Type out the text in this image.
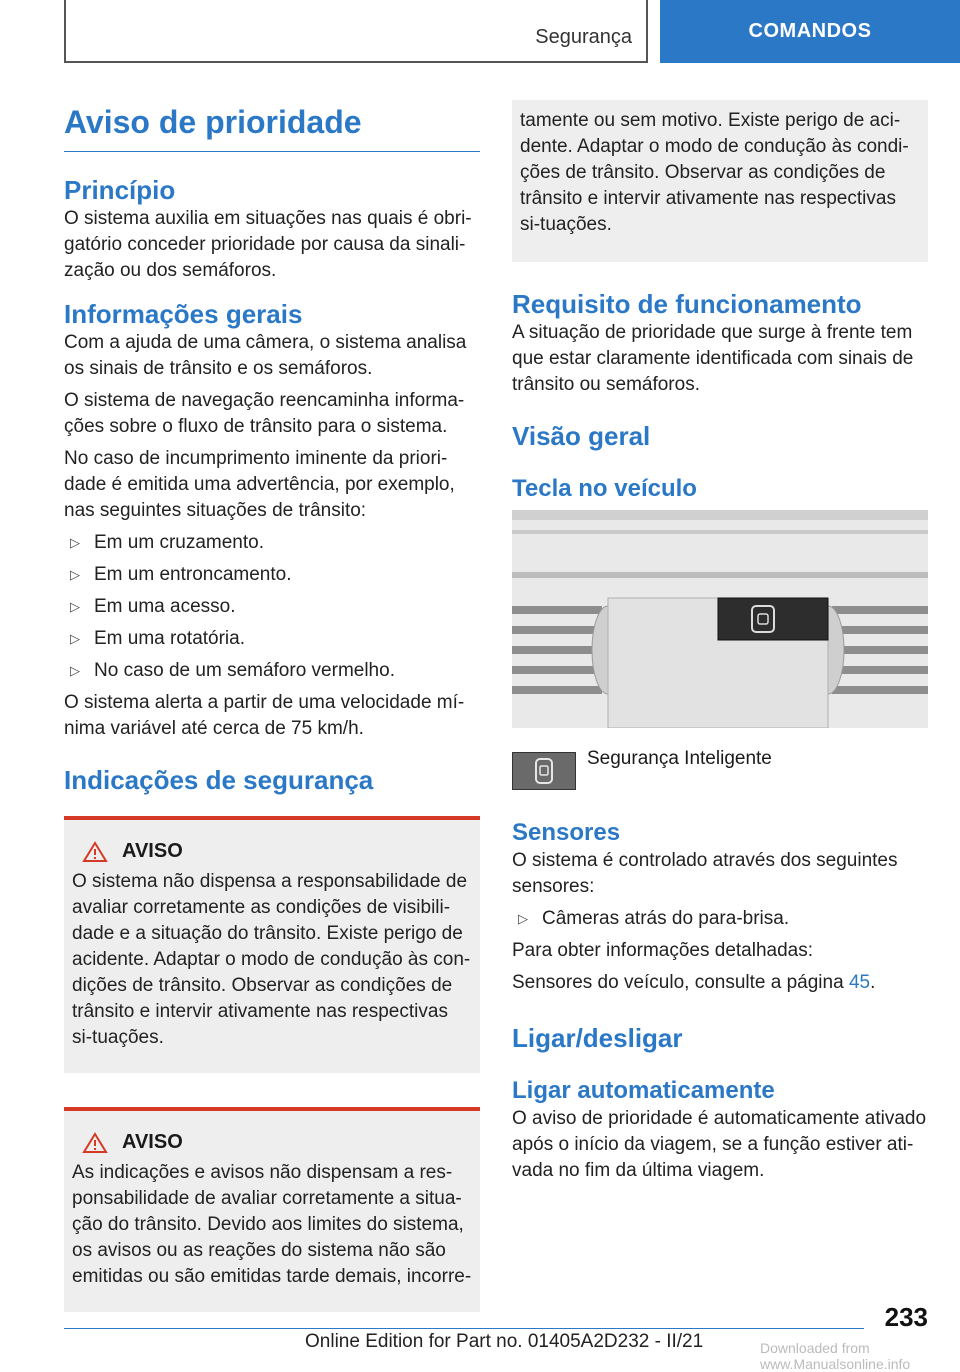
Segurança	COMANDOS
Aviso de prioridade
Princípio

O sistema auxilia em situações nas quais é obri-gatório conceder prioridade por causa da sinali-zação ou dos semáforos.

Informações gerais

Com a ajuda de uma câmera, o sistema analisa os sinais de trânsito e os semáforos.

O sistema de navegação reencaminha informa-ções sobre o fluxo de trânsito para o sistema.

No caso de incumprimento iminente da priori-dade é emitida uma advertência, por exemplo, nas seguintes situações de trânsito:

▷ Em um cruzamento.
▷ Em um entroncamento.
▷ Em uma acesso.
▷ Em uma rotatória.
▷ No caso de um semáforo vermelho.

O sistema alerta a partir de uma velocidade mí-nima variável até cerca de 75 km/h.

Indicações de segurança
AVISO

O sistema não dispensa a responsabilidade de avaliar corretamente as condições de visibili-dade e a situação do trânsito. Existe perigo de acidente. Adaptar o modo de condução às con-dições de trânsito. Observar as condições de trânsito e intervir ativamente nas respectivas si-tuações.

AVISO

As indicações e avisos não dispensam a res-ponsabilidade de avaliar corretamente a situa-ção do trânsito. Devido aos limites do sistema, os avisos ou as reações do sistema não são emitidas ou são emitidas tarde demais, incorre-

tamente ou sem motivo. Existe perigo de aci-dente. Adaptar o modo de condução às condi-ções de trânsito. Observar as condições de trânsito e intervir ativamente nas respectivas si-tuações.

Requisito de funcionamento

A situação de prioridade que surge à frente tem que estar claramente identificada com sinais de trânsito ou semáforos.

Visão geral
Tecla no veículo
Segurança Inteligente
Sensores

O sistema é controlado através dos seguintes sensores:

▷ Câmeras atrás do para-brisa.

Para obter informações detalhadas:

Sensores do veículo, consulte a página 45.

Ligar/desligar
Ligar automaticamente

O aviso de prioridade é automaticamente ativado após o início da viagem, se a função estiver ati-vada no fim da última viagem.

233
Online Edition for Part no. 01405A2D232 - II/21	Downloaded from www.Manualsonline.info
